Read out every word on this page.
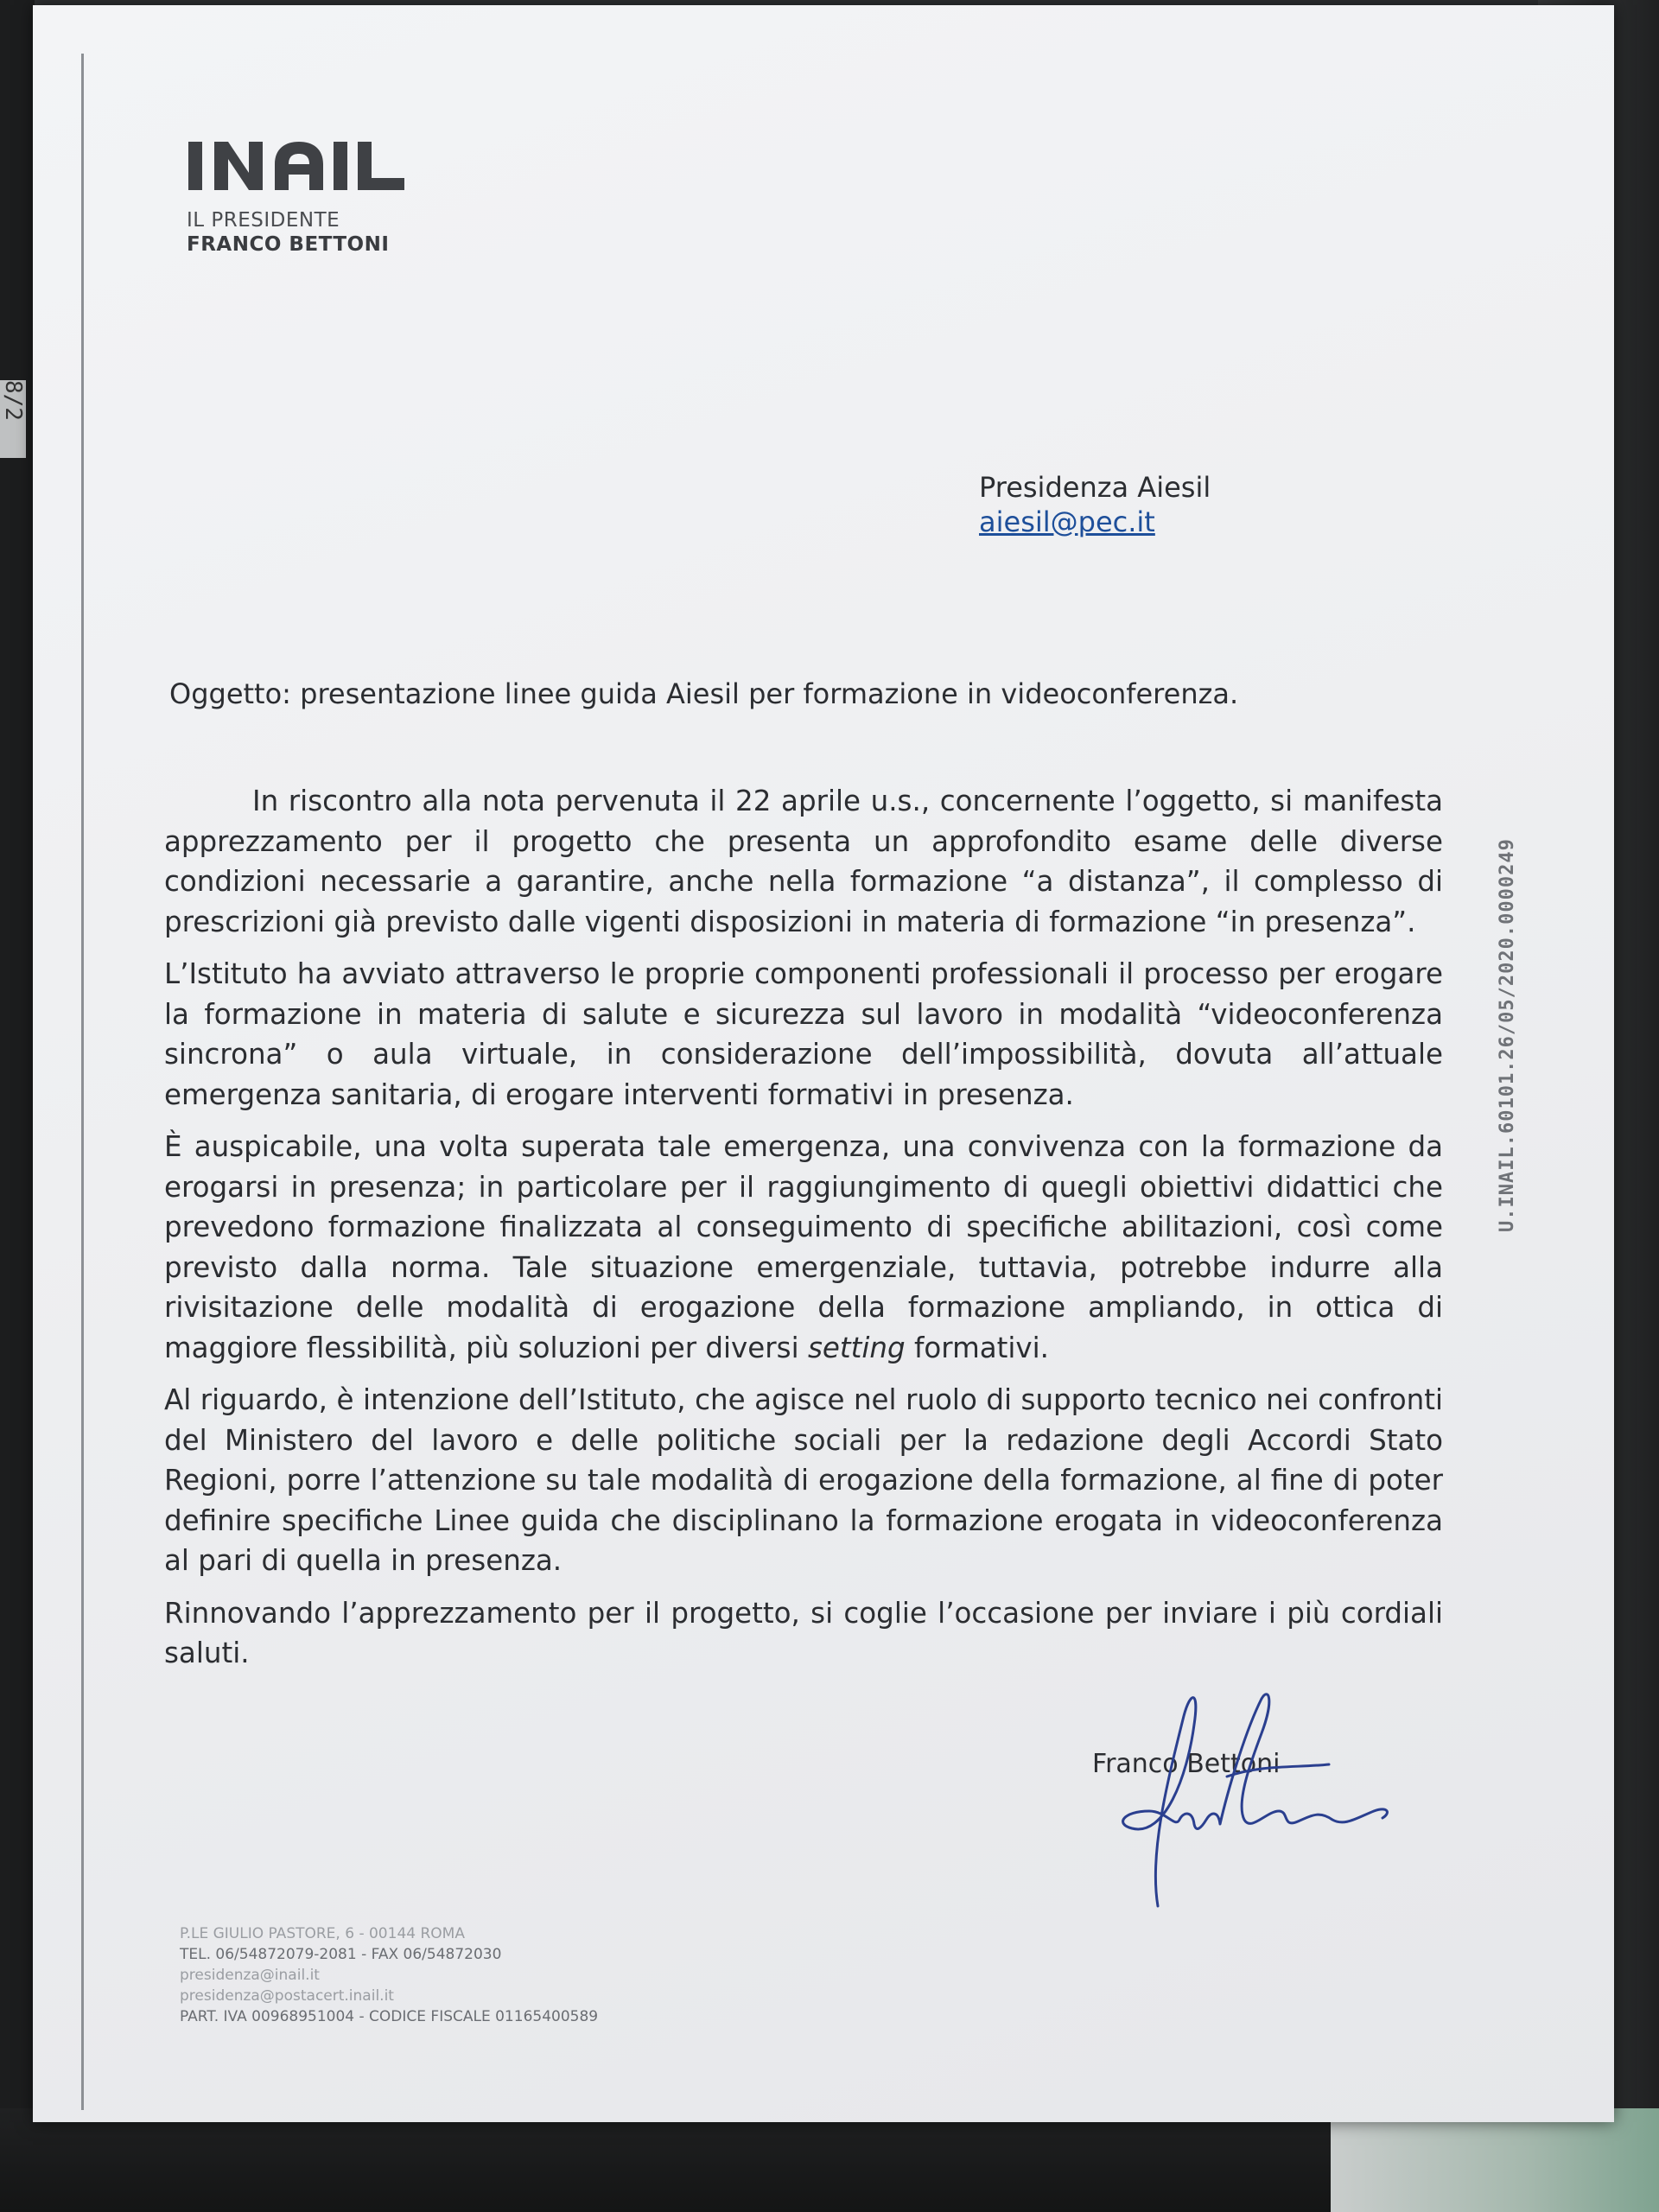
8/2
IL PRESIDENTE
FRANCO BETTONI
Presidenza Aiesil
aiesil@pec.it
Oggetto: presentazione linee guida Aiesil per formazione in videoconferenza.

In riscontro alla nota pervenuta il 22 aprile u.s., concernente l’oggetto, si manifesta apprezzamento per il progetto che presenta un approfondito esame delle diverse condizioni necessarie a garantire, anche nella formazione “a distanza”, il complesso di prescrizioni già previsto dalle vigenti disposizioni in materia di formazione “in presenza”.

L’Istituto ha avviato attraverso le proprie componenti professionali il processo per erogare la formazione in materia di salute e sicurezza sul lavoro in modalità “videoconferenza sincrona” o aula virtuale, in considerazione dell’impossibilità, dovuta all’attuale emergenza sanitaria, di erogare interventi formativi in presenza.

È auspicabile, una volta superata tale emergenza, una convivenza con la formazione da erogarsi in presenza; in particolare per il raggiungimento di quegli obiettivi didattici che prevedono formazione finalizzata al conseguimento di specifiche abilitazioni, così come previsto dalla norma. Tale situazione emergenziale, tuttavia, potrebbe indurre alla rivisitazione delle modalità di erogazione della formazione ampliando, in ottica di maggiore flessibilità, più soluzioni per diversi setting formativi.

Al riguardo, è intenzione dell’Istituto, che agisce nel ruolo di supporto tecnico nei confronti del Ministero del lavoro e delle politiche sociali per la redazione degli Accordi Stato Regioni, porre l’attenzione su tale modalità di erogazione della formazione, al fine di poter definire specifiche Linee guida che disciplinano la formazione erogata in videoconferenza al pari di quella in presenza.

Rinnovando l’apprezzamento per il progetto, si coglie l’occasione per inviare i più cordiali saluti.

Franco Bettoni
U.INAIL.60101.26/05/2020.0000249
P.LE GIULIO PASTORE, 6 - 00144 ROMA
TEL. 06/54872079-2081 - FAX 06/54872030
presidenza@inail.it
presidenza@postacert.inail.it
PART. IVA 00968951004 - CODICE FISCALE 01165400589
